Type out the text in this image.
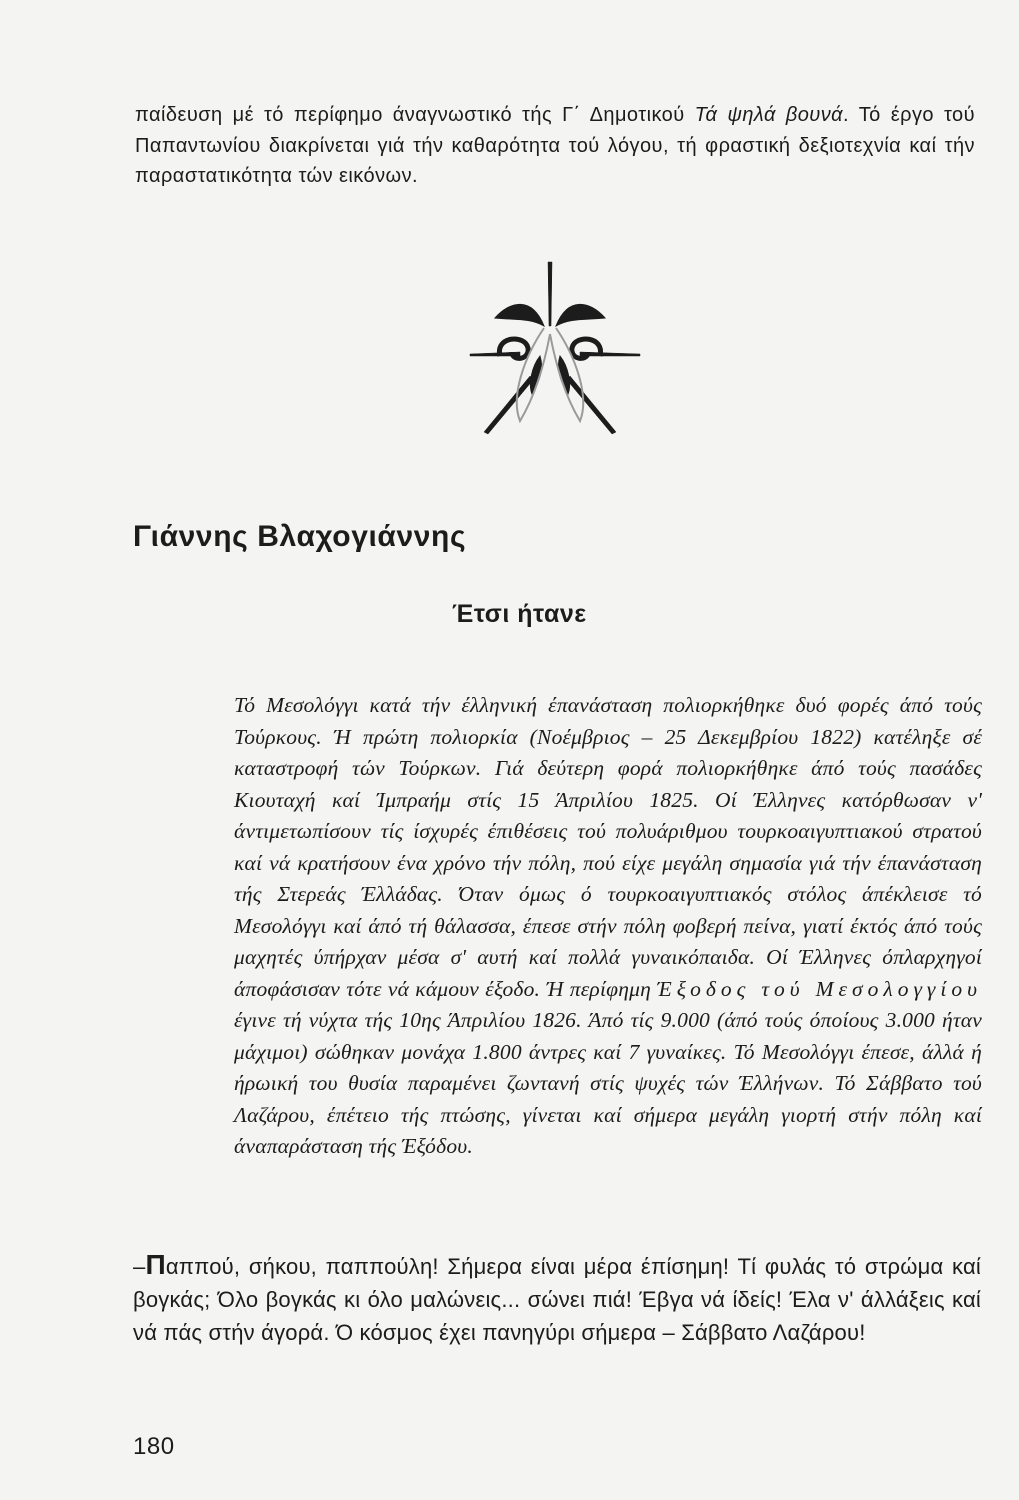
παίδευση μέ τό περίφημο άναγνωστικό τής Γ΄ Δημοτικού Τά ψηλά βουνά. Τό έργο τού Παπαντωνίου διακρίνεται γιά τήν καθαρότητα τού λόγου, τή φραστική δεξιοτεχνία καί τήν παραστατικότητα τών εικόνων.

Γιάννης Βλαχογιάννης
Έτσι ήτανε

Τό Μεσολόγγι κατά τήν έλληνική έπανάσταση πολιορκήθηκε δυό φορές άπό τούς Τούρκους. Ή πρώτη πολιορκία (Νοέμβριος – 25 Δεκεμβρίου 1822) κατέληξε σέ καταστροφή τών Τούρκων. Γιά δεύτερη φορά πολιορκήθηκε άπό τούς πασάδες Κιουταχή καί Ίμπραήμ στίς 15 Άπριλίου 1825. Οί Έλληνες κατόρθωσαν ν' άντιμετωπίσουν τίς ίσχυρές έπιθέσεις τού πολυάριθμου τουρκοαιγυπτιακού στρατού καί νά κρατήσουν ένα χρόνο τήν πόλη, πού είχε μεγάλη σημασία γιά τήν έπανάσταση τής Στερεάς Έλλάδας. Όταν όμως ό τουρκοαιγυπτιακός στόλος άπέκλεισε τό Μεσολόγγι καί άπό τή θάλασσα, έπεσε στήν πόλη φοβερή πείνα, γιατί έκτός άπό τούς μαχητές ύπήρχαν μέσα σ' αυτή καί πολλά γυναικόπαιδα. Οί Έλληνες όπλαρχηγοί άποφάσισαν τότε νά κάμουν έξοδο. Ή περίφημη Έξοδος τού Μεσολογγίου έγινε τή νύχτα τής 10ης Άπριλίου 1826. Άπό τίς 9.000 (άπό τούς όποίους 3.000 ήταν μάχιμοι) σώθηκαν μονάχα 1.800 άντρες καί 7 γυναίκες. Τό Μεσολόγγι έπεσε, άλλά ή ήρωική του θυσία παραμένει ζωντανή στίς ψυχές τών Έλλήνων. Τό Σάββατο τού Λαζάρου, έπέτειο τής πτώσης, γίνεται καί σήμερα μεγάλη γιορτή στήν πόλη καί άναπαράσταση τής Έξόδου.

–Παππού, σήκου, παππούλη! Σήμερα είναι μέρα έπίσημη! Τί φυλάς τό στρώμα καί βογκάς; Όλο βογκάς κι όλο μαλώνεις... σώνει πιά! Έβγα νά ίδείς! Έλα ν' άλλάξεις καί νά πάς στήν άγορά. Ό κόσμος έχει πανηγύρι σήμερα – Σάββατο Λαζάρου!

180
